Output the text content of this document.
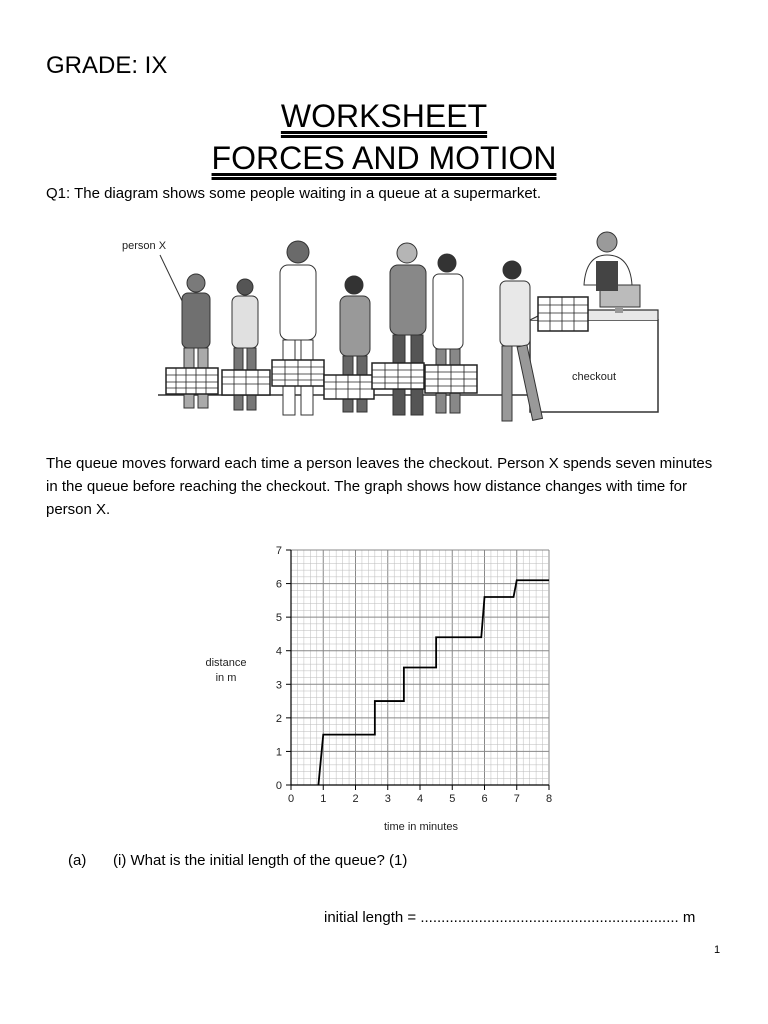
GRADE: IX
WORKSHEET
FORCES AND MOTION
Q1: The diagram shows some people waiting in a queue at a supermarket.
person X
checkout
The queue moves forward each time a person leaves the checkout. Person X spends seven minutes in the queue before reaching the checkout. The graph shows how distance changes with time for person X.
0 1 2 3 4 5 6 7 8
0
1
2
3
4
5
6
7
distance
in m
time in minutes
(a) (i) What is the initial length of the queue? (1)
initial length = .............................................................. m
1
